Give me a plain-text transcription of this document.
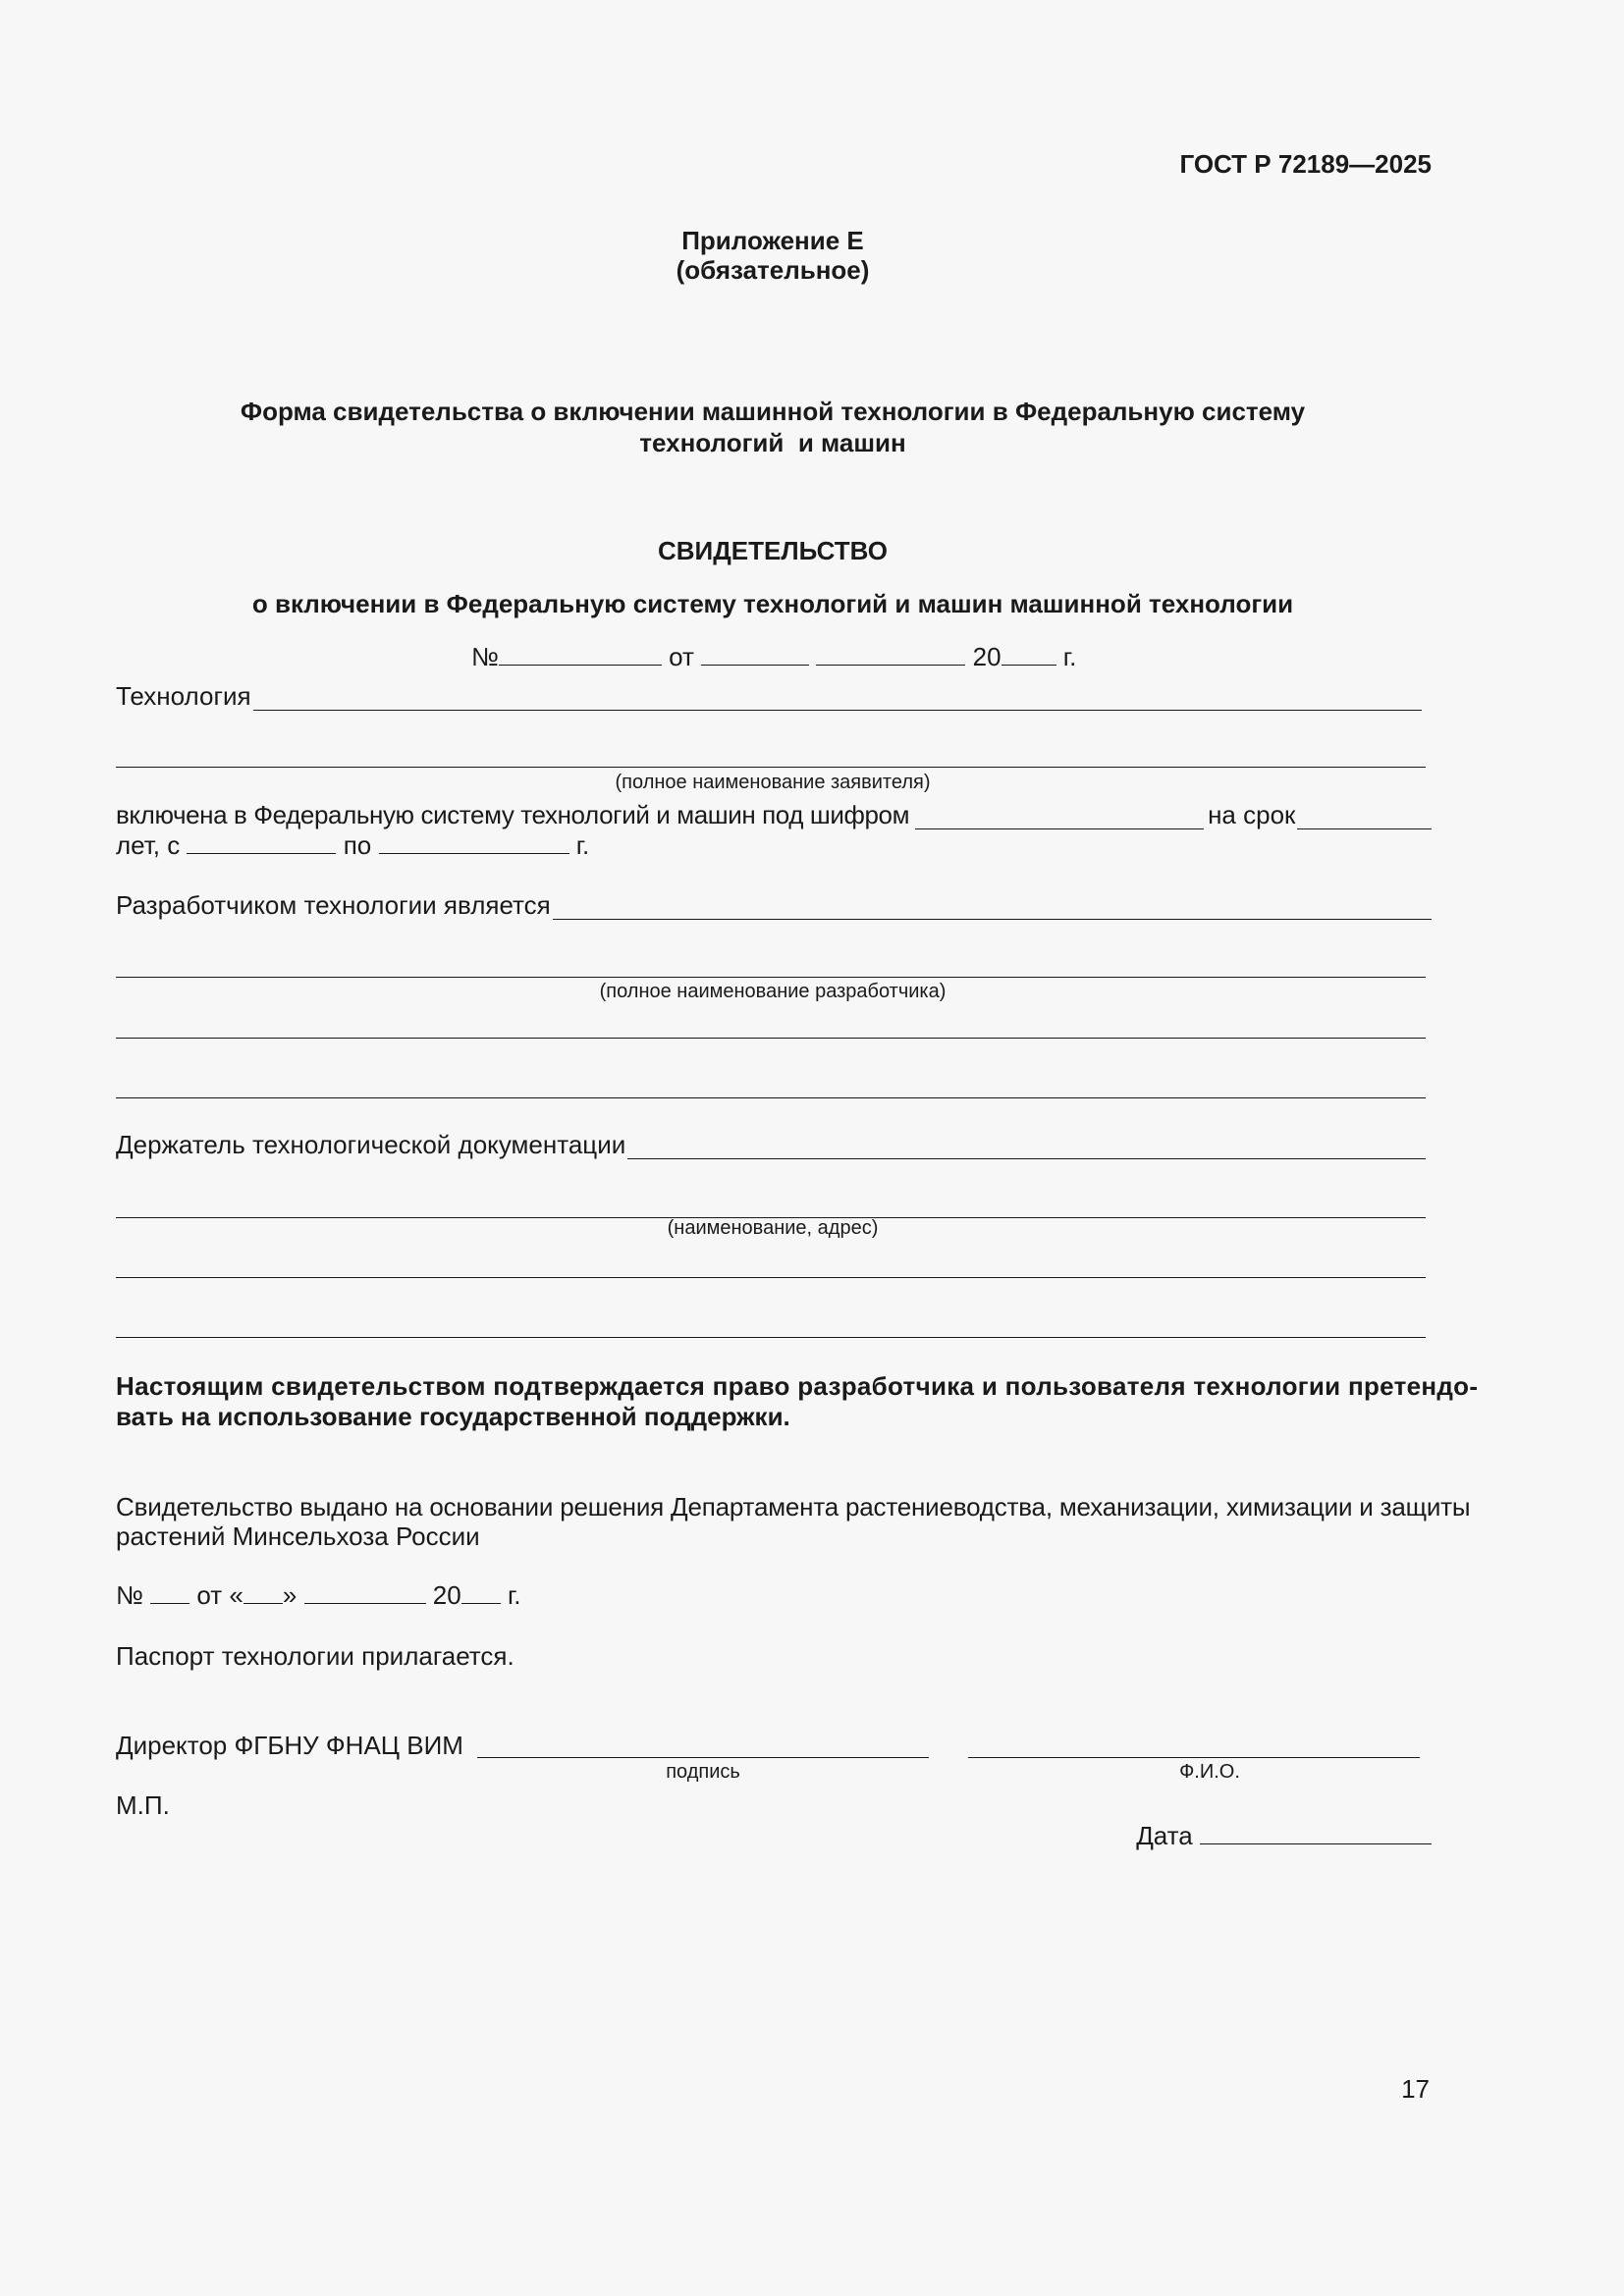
ГОСТ Р 72189—2025
Приложение Е
(обязательное)
Форма свидетельства о включении машинной технологии в Федеральную систему
технологий  и машин
СВИДЕТЕЛЬСТВО
о включении в Федеральную систему технологий и машин машинной технологии
№	от	20 г.
Технология
(полное наименование заявителя)
включена в Федеральную систему технологий и машин под шифром	на срок
лет, с	по	г.
Разработчиком технологии является
(полное наименование разработчика)
Держатель технологической документации
(наименование, адрес)
Настоящим свидетельством подтверждается право разработчика и пользователя технологии претендо-
вать на использование государственной поддержки.
Свидетельство выдано на основании решения Департамента растениеводства, механизации, химизации и защиты
растений Минсельхоза России
№ от « »	20 г.
Паспорт технологии прилагается.
Директор ФГБНУ ФНАЦ ВИМ
подпись	Ф.И.О.
М.П.
Дата
17
